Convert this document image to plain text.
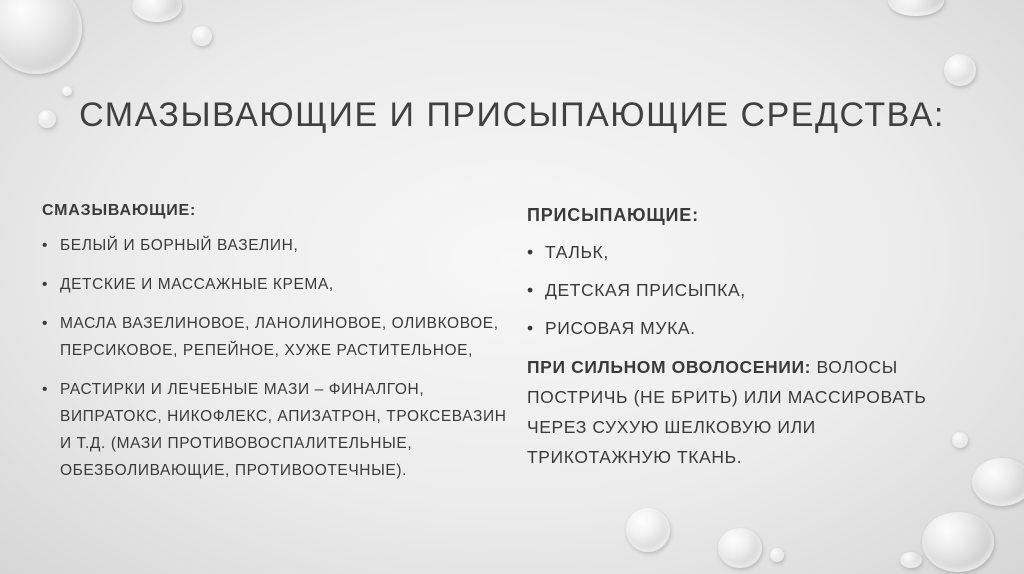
СМАЗЫВАЮЩИЕ И ПРИСЫПАЮЩИЕ СРЕДСТВА:
СМАЗЫВАЮЩИЕ:
• БЕЛЫЙ И БОРНЫЙ ВАЗЕЛИН,
• ДЕТСКИЕ И МАССАЖНЫЕ КРЕМА,
• МАСЛА ВАЗЕЛИНОВОЕ, ЛАНОЛИНОВОЕ, ОЛИВКОВОЕ, ПЕРСИКОВОЕ, РЕПЕЙНОЕ, ХУЖЕ РАСТИТЕЛЬНОЕ,
• РАСТИРКИ И ЛЕЧЕБНЫЕ МАЗИ – ФИНАЛГОН, ВИПРАТОКС, НИКОФЛЕКС, АПИЗАТРОН, ТРОКСЕВАЗИН И Т.Д. (МАЗИ ПРОТИВОВОСПАЛИТЕЛЬНЫЕ, ОБЕЗБОЛИВАЮЩИЕ, ПРОТИВООТЕЧНЫЕ).
ПРИСЫПАЮЩИЕ:
• ТАЛЬК,
• ДЕТСКАЯ ПРИСЫПКА,
• РИСОВАЯ МУКА.
ПРИ СИЛЬНОМ ОВОЛОСЕНИИ: ВОЛОСЫ ПОСТРИЧЬ (НЕ БРИТЬ) ИЛИ МАССИРОВАТЬ ЧЕРЕЗ СУХУЮ ШЕЛКОВУЮ ИЛИ ТРИКОТАЖНУЮ ТКАНЬ.
